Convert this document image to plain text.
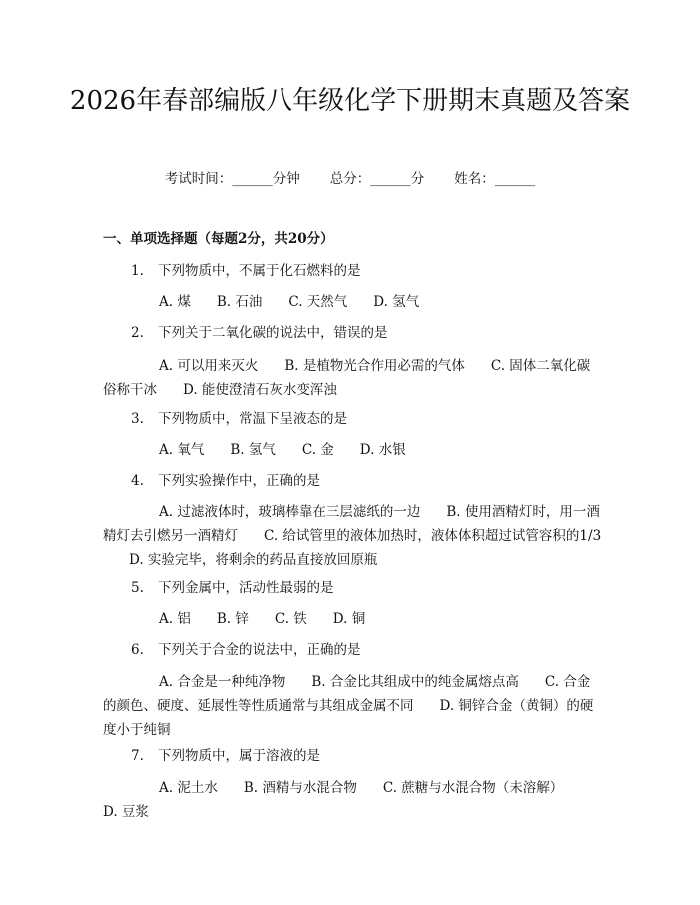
2026年春部编版八年级化学下册期末真题及答案
考试时间：______分钟 总分：______分 姓名：______
一、单项选择题（每题2分，共20分）
1. 下列物质中，不属于化石燃料的是
A. 煤 B. 石油 C. 天然气 D. 氢气
2. 下列关于二氧化碳的说法中，错误的是
A. 可以用来灭火 B. 是植物光合作用必需的气体 C. 固体二氧化碳俗称干冰 D. 能使澄清石灰水变浑浊
3. 下列物质中，常温下呈液态的是
A. 氧气 B. 氢气 C. 金 D. 水银
4. 下列实验操作中，正确的是
A. 过滤液体时，玻璃棒靠在三层滤纸的一边 B. 使用酒精灯时，用一酒精灯去引燃另一酒精灯 C. 给试管里的液体加热时，液体体积超过试管容积的1/3D. 实验完毕，将剩余的药品直接放回原瓶
5. 下列金属中，活动性最弱的是
A. 铝 B. 锌 C. 铁 D. 铜
6. 下列关于合金的说法中，正确的是
A. 合金是一种纯净物 B. 合金比其组成中的纯金属熔点高 C. 合金的颜色、硬度、延展性等性质通常与其组成金属不同 D. 铜锌合金（黄铜）的硬度小于纯铜
7. 下列物质中，属于溶液的是
A. 泥土水 B. 酒精与水混合物 C. 蔗糖与水混合物（未溶解）D. 豆浆
